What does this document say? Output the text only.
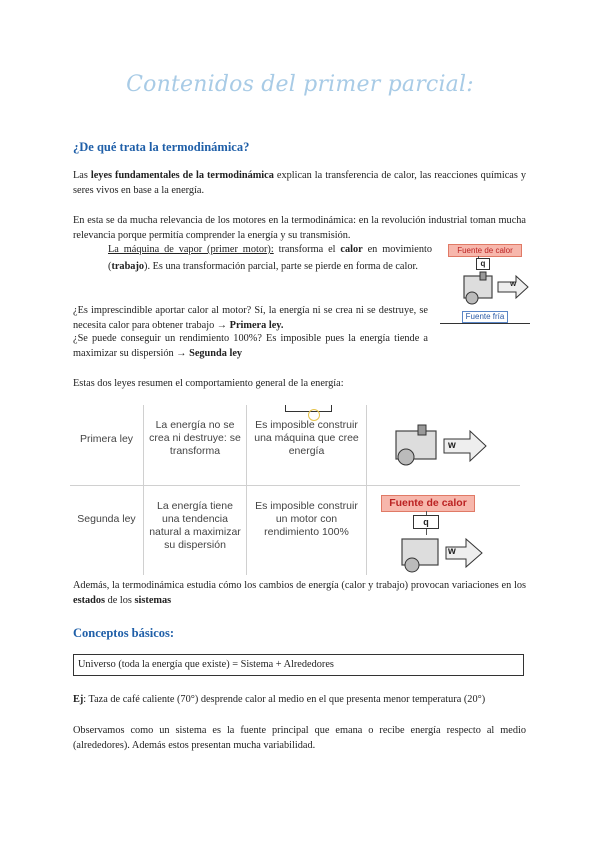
Contenidos del primer parcial:
¿De qué trata la termodinámica?
Las leyes fundamentales de la termodinámica explican la transferencia de calor, las reacciones químicas y seres vivos en base a la energía.
En esta se da mucha relevancia de los motores en la termodinámica: en la revolución industrial toman mucha relevancia porque permitía comprender la energía y su transmisión.
La máquina de vapor (primer motor): transforma el calor en movimiento (trabajo). Es una transformación parcial, parte se pierde en forma de calor.
Fuente de calor
q
w
Fuente fría
¿Es imprescindible aportar calor al motor? Sí, la energía ni se crea ni se destruye, se necesita calor para obtener trabajo → Primera ley.
¿Se puede conseguir un rendimiento 100%? Es imposible pues la energía tiende a maximizar su dispersión → Segunda ley
Estas dos leyes resumen el comportamiento general de la energía:
Primera ley
La energía no se crea ni destruye: se transforma
Es imposible construir una máquina que cree energía	w
Segunda ley
La energía tiene una tendencia natural a maximizar su dispersión
Es imposible construir un motor con rendimiento 100%
Fuente de calor
q
w
Además, la termodinámica estudia cómo los cambios de energía (calor y trabajo) provocan variaciones en los estados de los sistemas
Conceptos básicos:
Universo (toda la energía que existe) = Sistema + Alrededores
Ej: Taza de café caliente (70°) desprende calor al medio en el que presenta menor temperatura (20°)
Observamos como un sistema es la fuente principal que emana o recibe energía respecto al medio (alrededores). Además estos presentan mucha variabilidad.
